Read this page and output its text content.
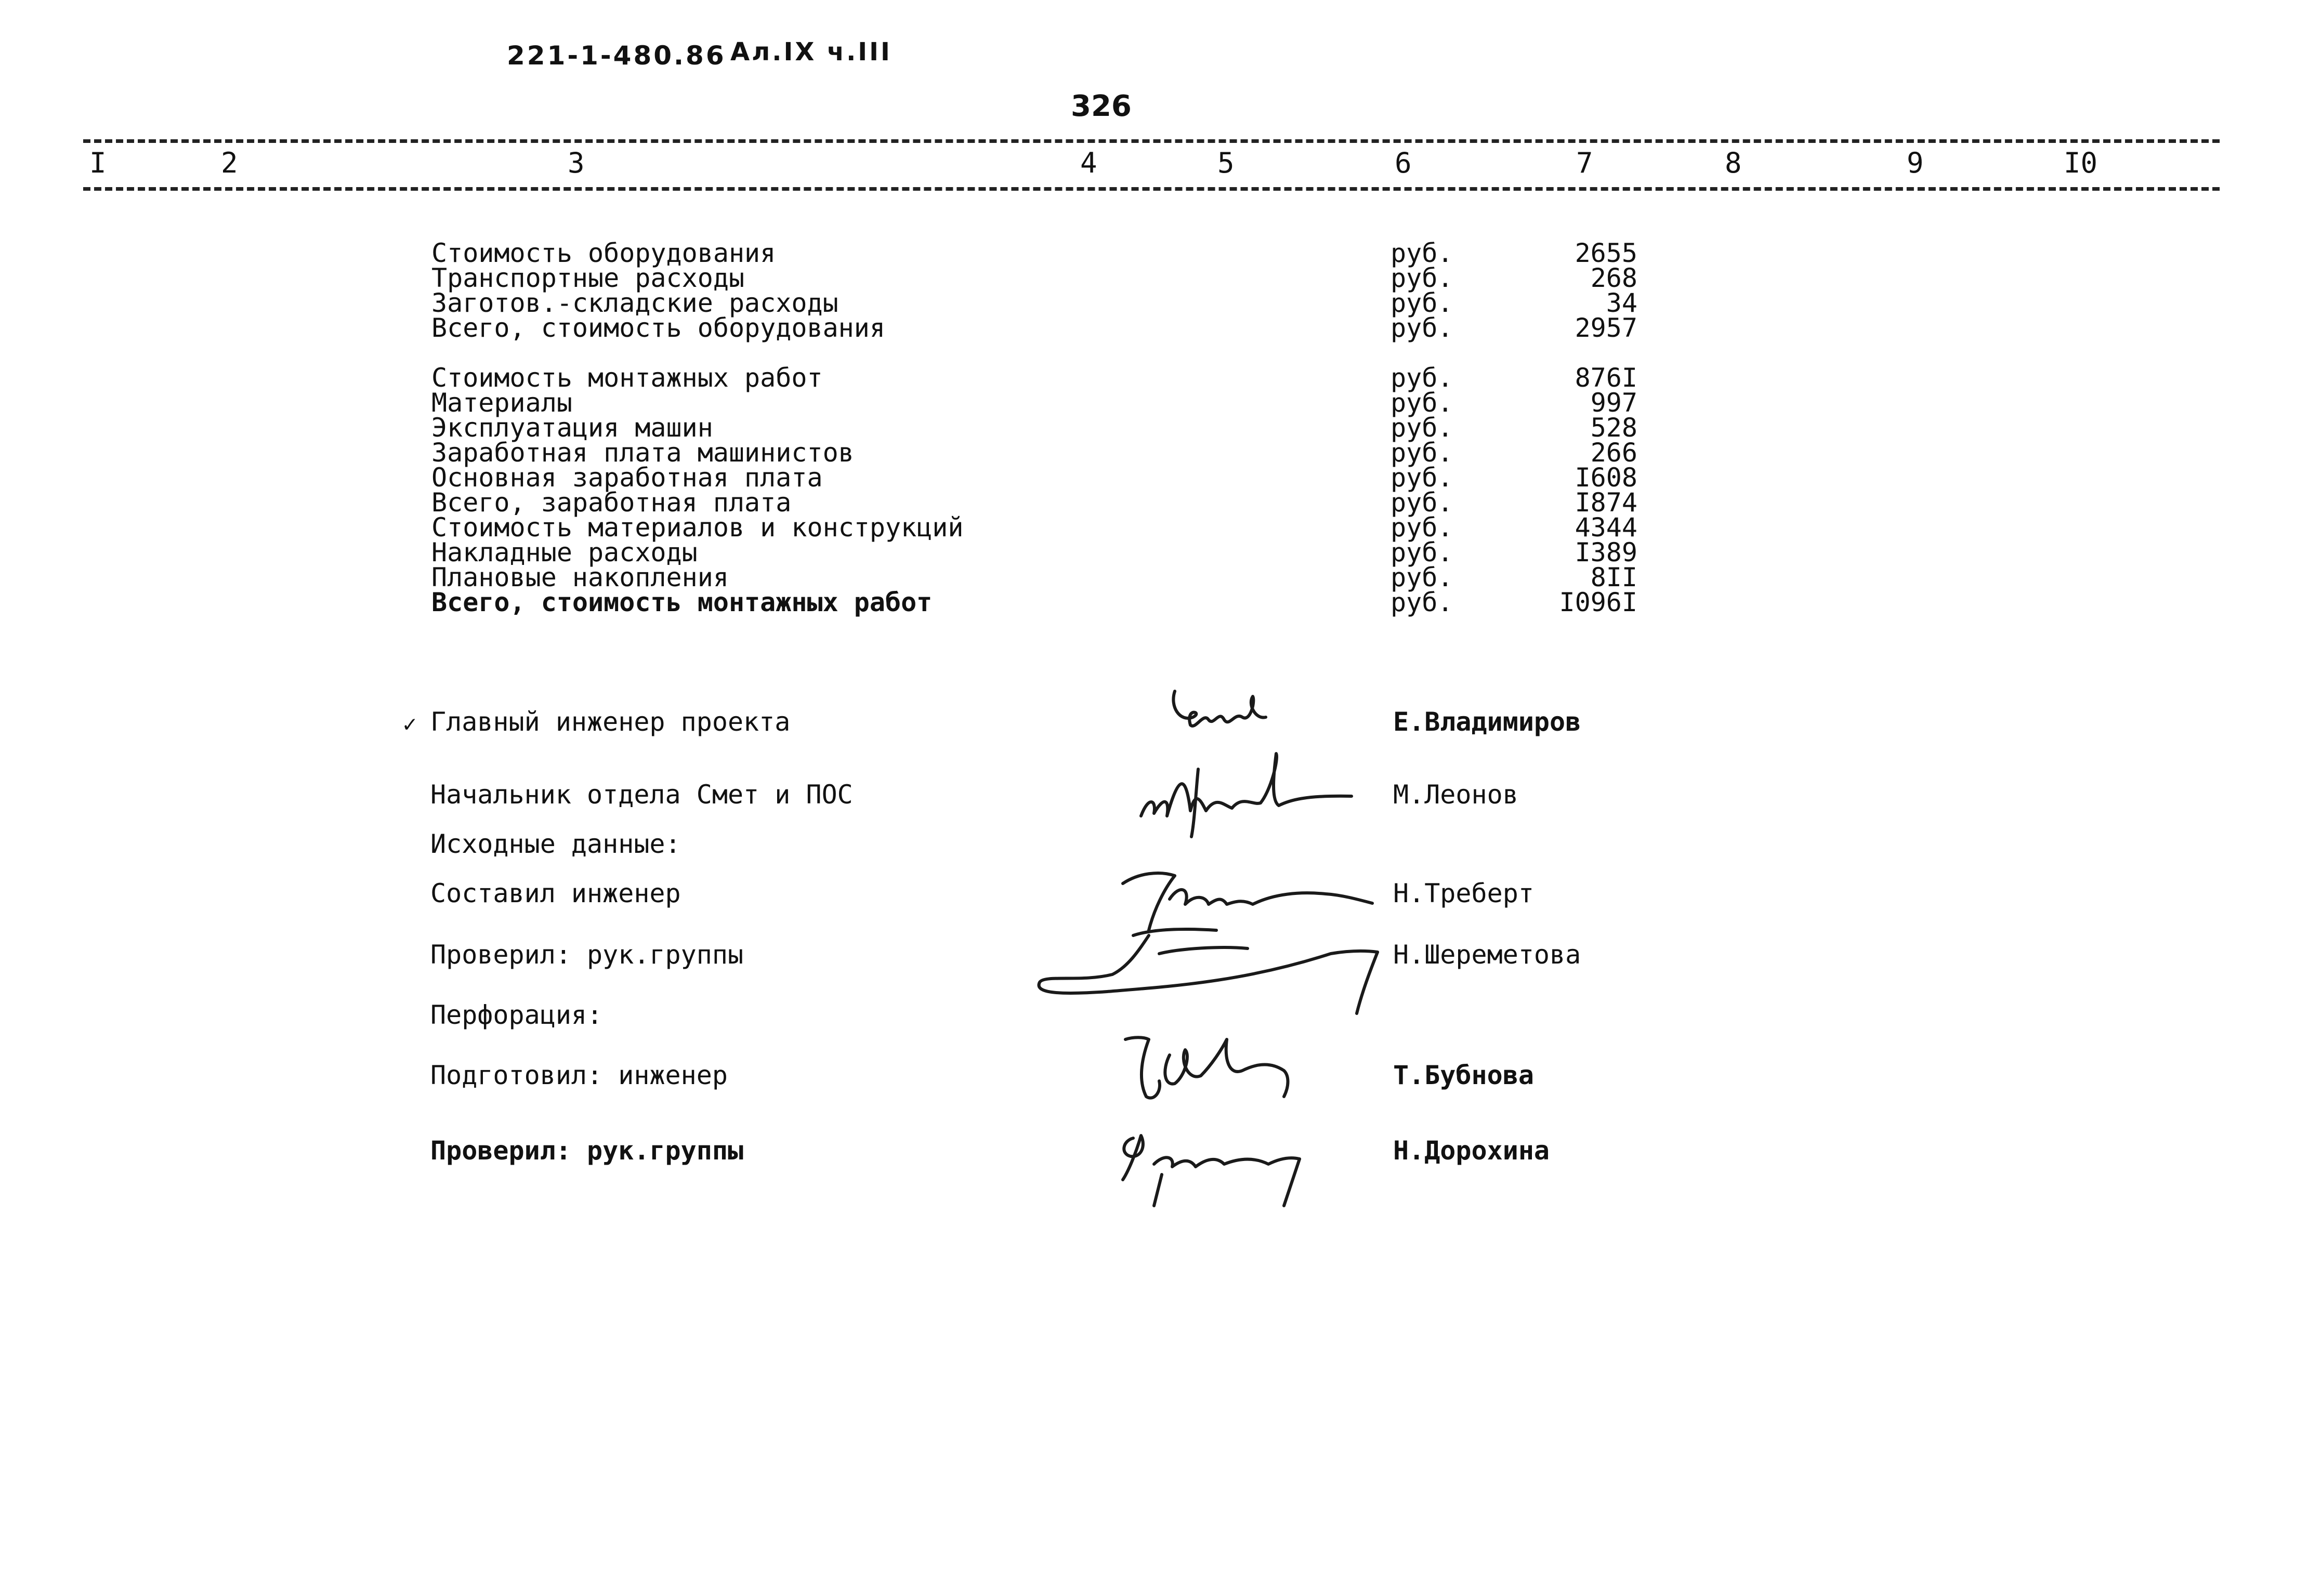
221-1-480.86 Ал.IX ч.III
326
I	2	3	4	5	6	7	8	9	I0
Стоимость оборудования	руб.	2655
Транспортные расходы	руб.	268
Заготов.-складские расходы	руб.	34
Всего, стоимость оборудования	руб.	2957
Стоимость монтажных работ	руб.	876I
Материалы	руб.	997
Эксплуатация машин	руб.	528
Заработная плата машинистов	руб.	266
Основная заработная плата	руб.	I608
Всего, заработная плата	руб.	I874
Стоимость материалов и конструкций	руб.	4344
Накладные расходы	руб.	I389
Плановые накопления	руб.	8II
Всего, стоимость монтажных работ	руб.	I096I
✓ Главный инженер проекта	Е.Владимиров
Начальник отдела Смет и ПОС	М.Леонов
Исходные данные:
Составил инженер	Н.Треберт
Проверил: рук.группы	Н.Шереметова
Перфорация:
Подготовил: инженер	Т.Бубнова
Проверил: рук.группы	Н.Дорохина
